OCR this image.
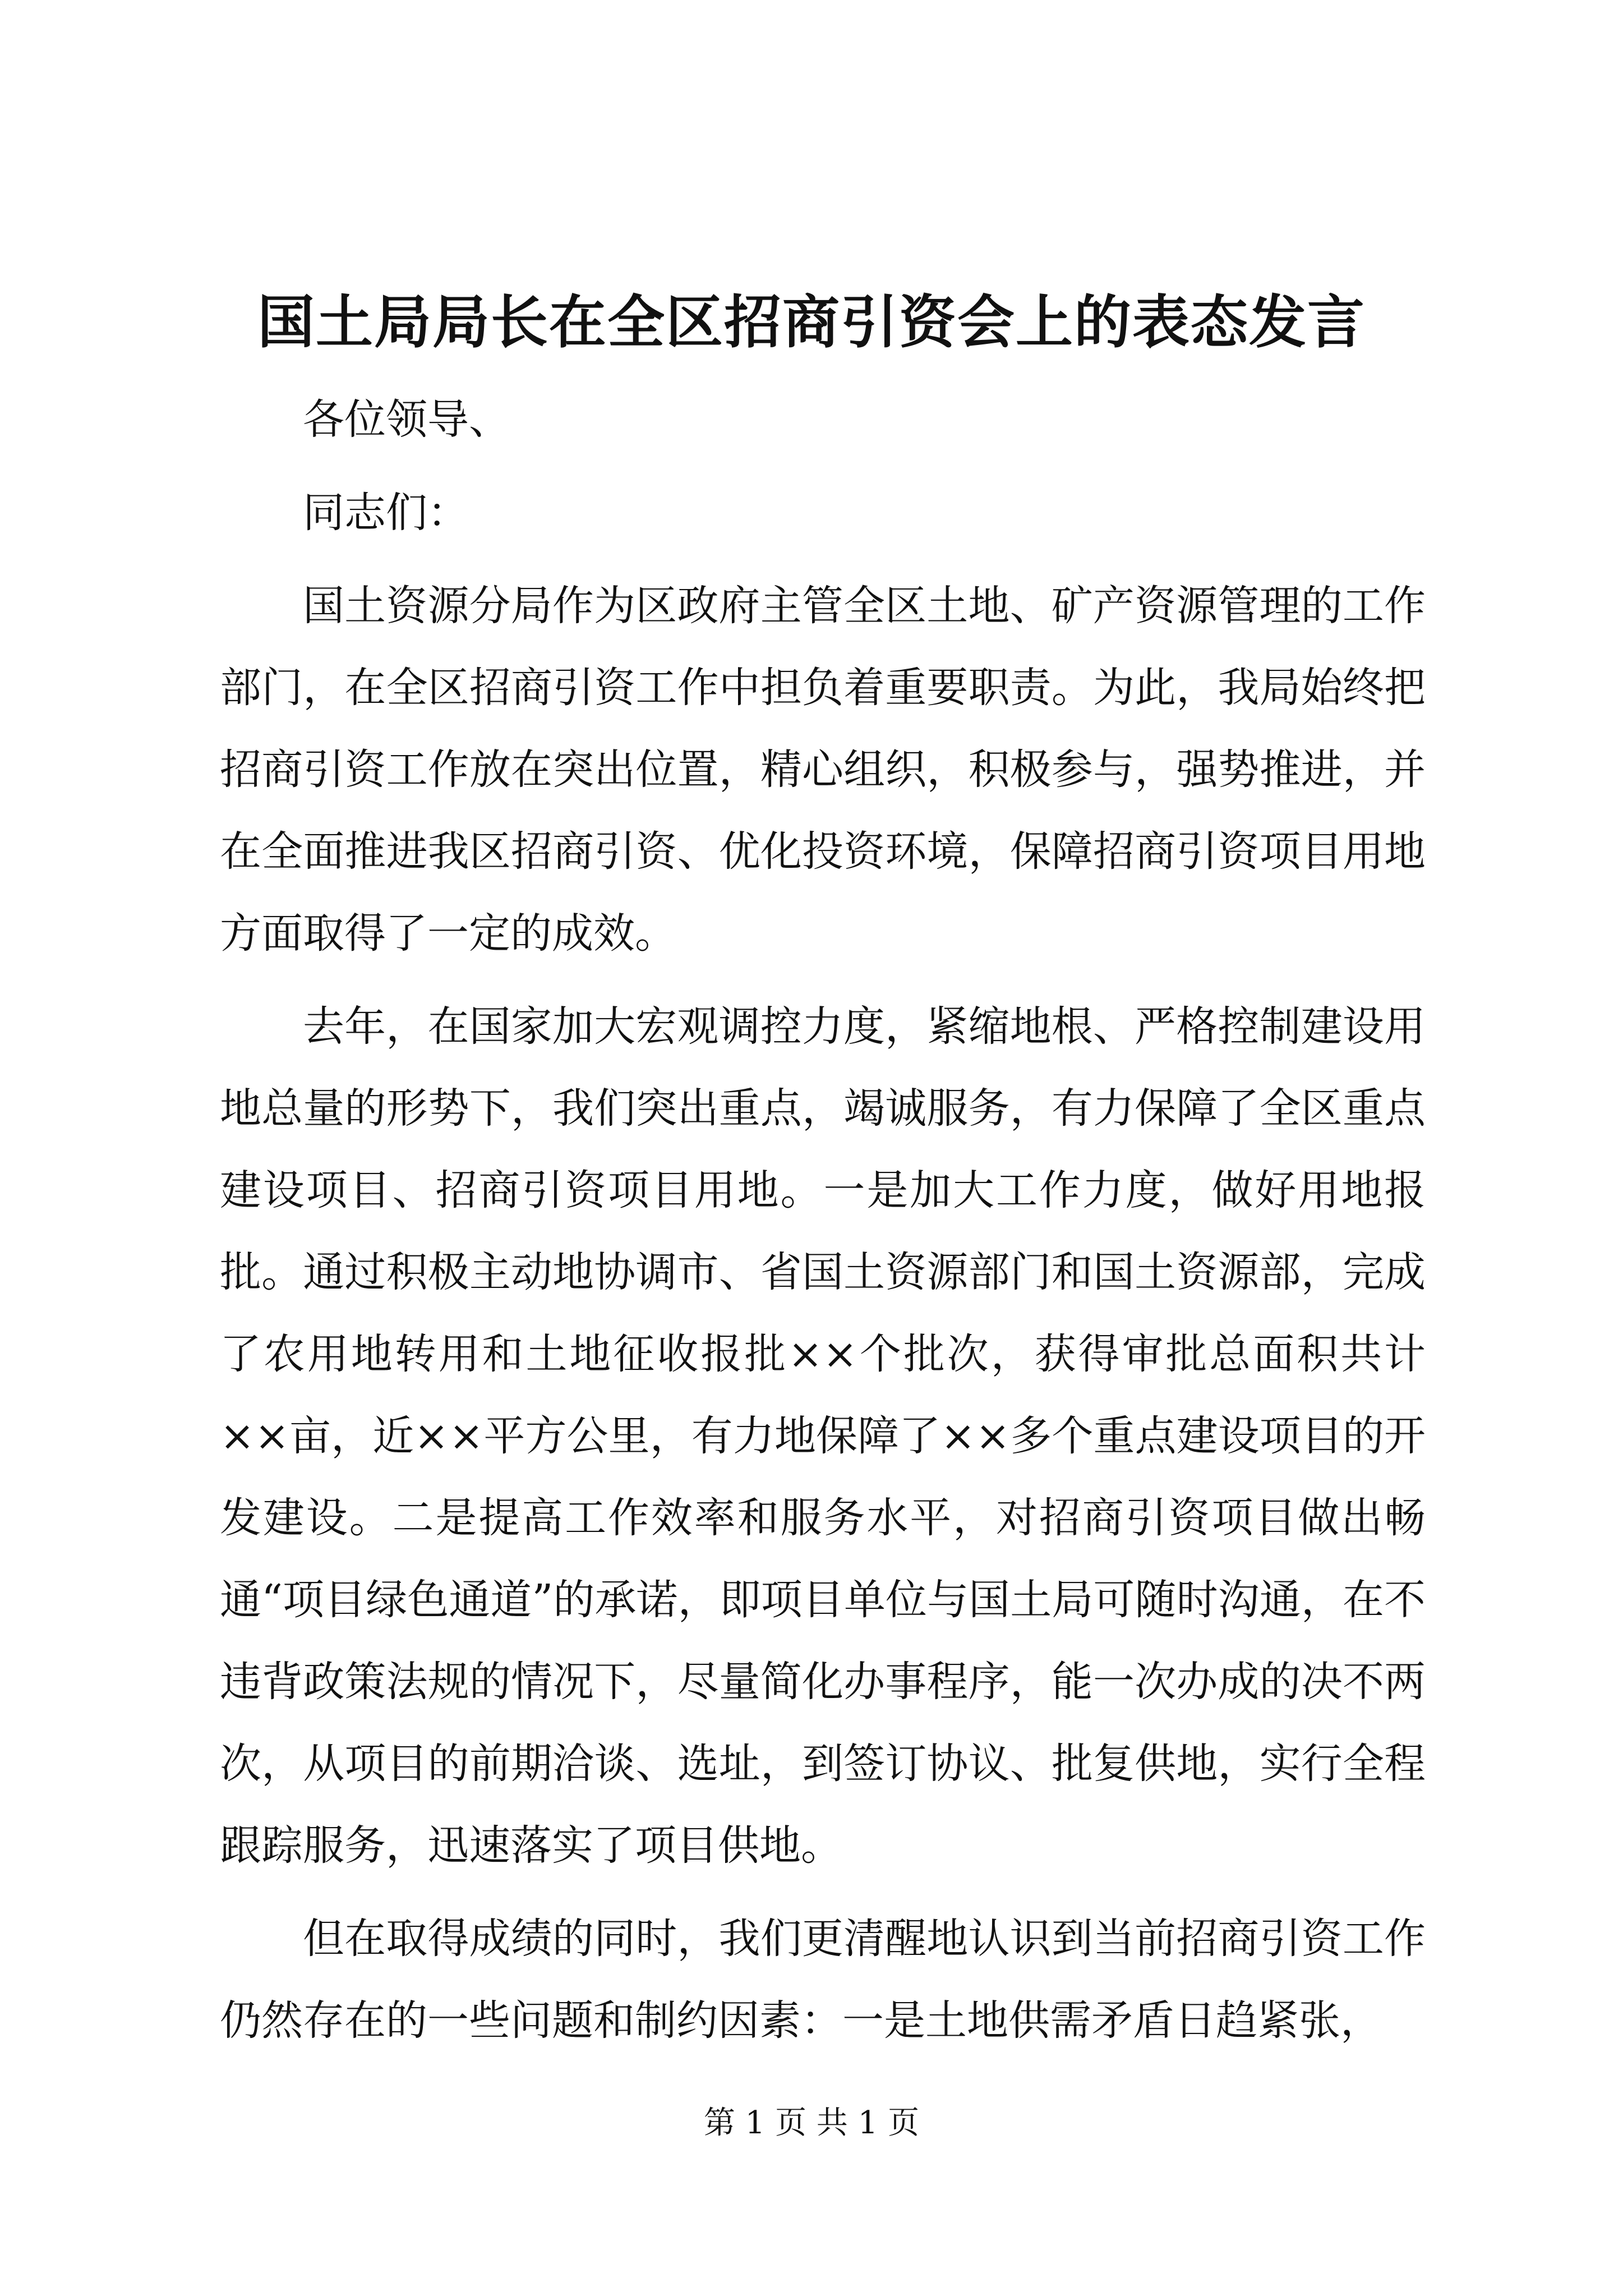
国土局局长在全区招商引资会上的表态发言

各位领导、

同志们：

国土资源分局作为区政府主管全区土地、矿产资源管理的工作部门，在全区招商引资工作中担负着重要职责。为此，我局始终把招商引资工作放在突出位置，精心组织，积极参与，强势推进，并在全面推进我区招商引资、优化投资环境，保障招商引资项目用地方面取得了一定的成效。

去年，在国家加大宏观调控力度，紧缩地根、严格控制建设用地总量的形势下，我们突出重点，竭诚服务，有力保障了全区重点建设项目、招商引资项目用地。一是加大工作力度，做好用地报批。通过积极主动地协调市、省国土资源部门和国土资源部，完成了农用地转用和土地征收报批××个批次，获得审批总面积共计××亩，近××平方公里，有力地保障了××多个重点建设项目的开发建设。二是提高工作效率和服务水平，对招商引资项目做出畅通“项目绿色通道”的承诺，即项目单位与国土局可随时沟通，在不违背政策法规的情况下，尽量简化办事程序，能一次办成的决不两次，从项目的前期洽谈、选址，到签订协议、批复供地，实行全程跟踪服务，迅速落实了项目供地。

但在取得成绩的同时，我们更清醒地认识到当前招商引资工作仍然存在的一些问题和制约因素：一是土地供需矛盾日趋紧张，

第 1 页 共 1 页
